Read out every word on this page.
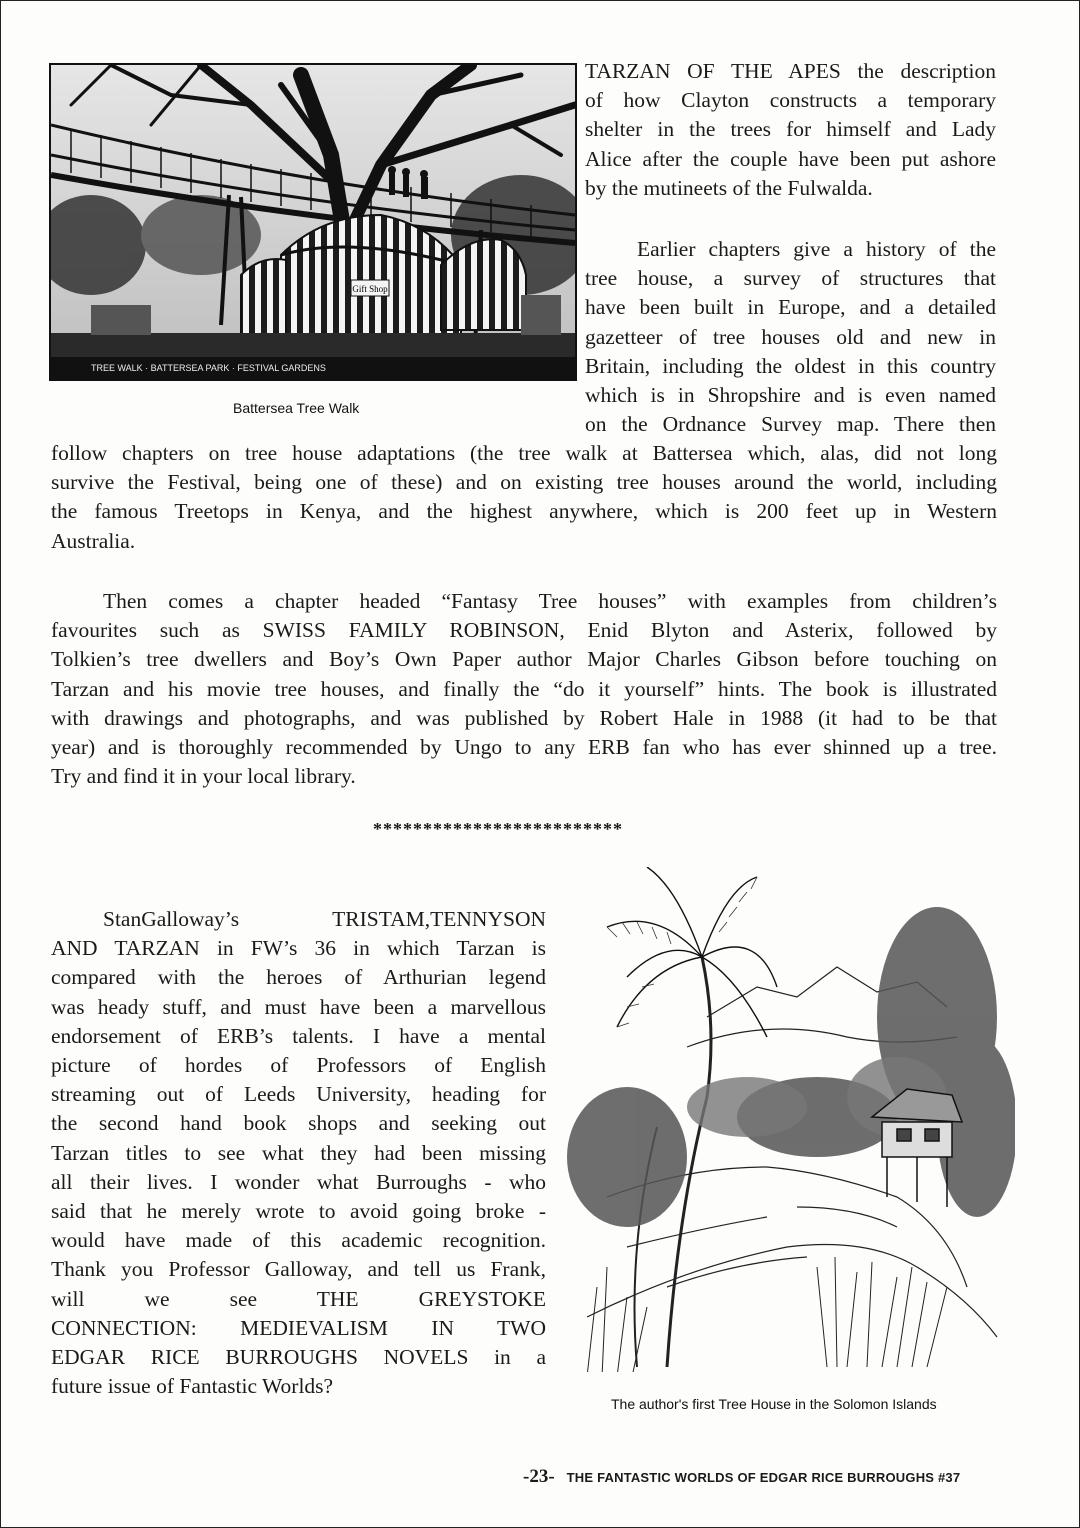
Gift Shop
TREE WALK · BATTERSEA PARK · FESTIVAL GARDENS
Battersea Tree Walk
TARZAN OF THE APES the description
of how Clayton constructs a temporary
shelter in the trees for himself and Lady
Alice after the couple have been put ashore
by the mutineets of the Fulwalda.
Earlier chapters give a history of the
tree house, a survey of structures that
have been built in Europe, and a detailed
gazetteer of tree houses old and new in
Britain, including the oldest in this country
which is in Shropshire and is even named
on the Ordnance Survey map. There then
follow chapters on tree house adaptations (the tree walk at Battersea which, alas, did not long
survive the Festival, being one of these) and on existing tree houses around the world, including
the famous Treetops in Kenya, and the highest anywhere, which is 200 feet up in Western
Australia.
Then comes a chapter headed “Fantasy Tree houses” with examples from children’s
favourites such as SWISS FAMILY ROBINSON, Enid Blyton and Asterix, followed by
Tolkien’s tree dwellers and Boy’s Own Paper author Major Charles Gibson before touching on
Tarzan and his movie tree houses, and finally the “do it yourself” hints. The book is illustrated
with drawings and photographs, and was published by Robert Hale in 1988 (it had to be that
year) and is thoroughly recommended by Ungo to any ERB fan who has ever shinned up a tree.
Try and find it in your local library.
*************************
StanGalloway’s TRISTAM,TENNYSON
AND TARZAN in FW’s 36 in which Tarzan is
compared with the heroes of Arthurian legend
was heady stuff, and must have been a marvellous
endorsement of ERB’s talents. I have a mental
picture of hordes of Professors of English
streaming out of Leeds University, heading for
the second hand book shops and seeking out
Tarzan titles to see what they had been missing
all their lives. I wonder what Burroughs - who
said that he merely wrote to avoid going broke -
would have made of this academic recognition.
Thank you Professor Galloway, and tell us Frank,
will we see THE GREYSTOKE
CONNECTION: MEDIEVALISM IN TWO
EDGAR RICE BURROUGHS NOVELS in a
future issue of Fantastic Worlds?
The author's first Tree House in the Solomon Islands
-23- THE FANTASTIC WORLDS OF EDGAR RICE BURROUGHS #37
